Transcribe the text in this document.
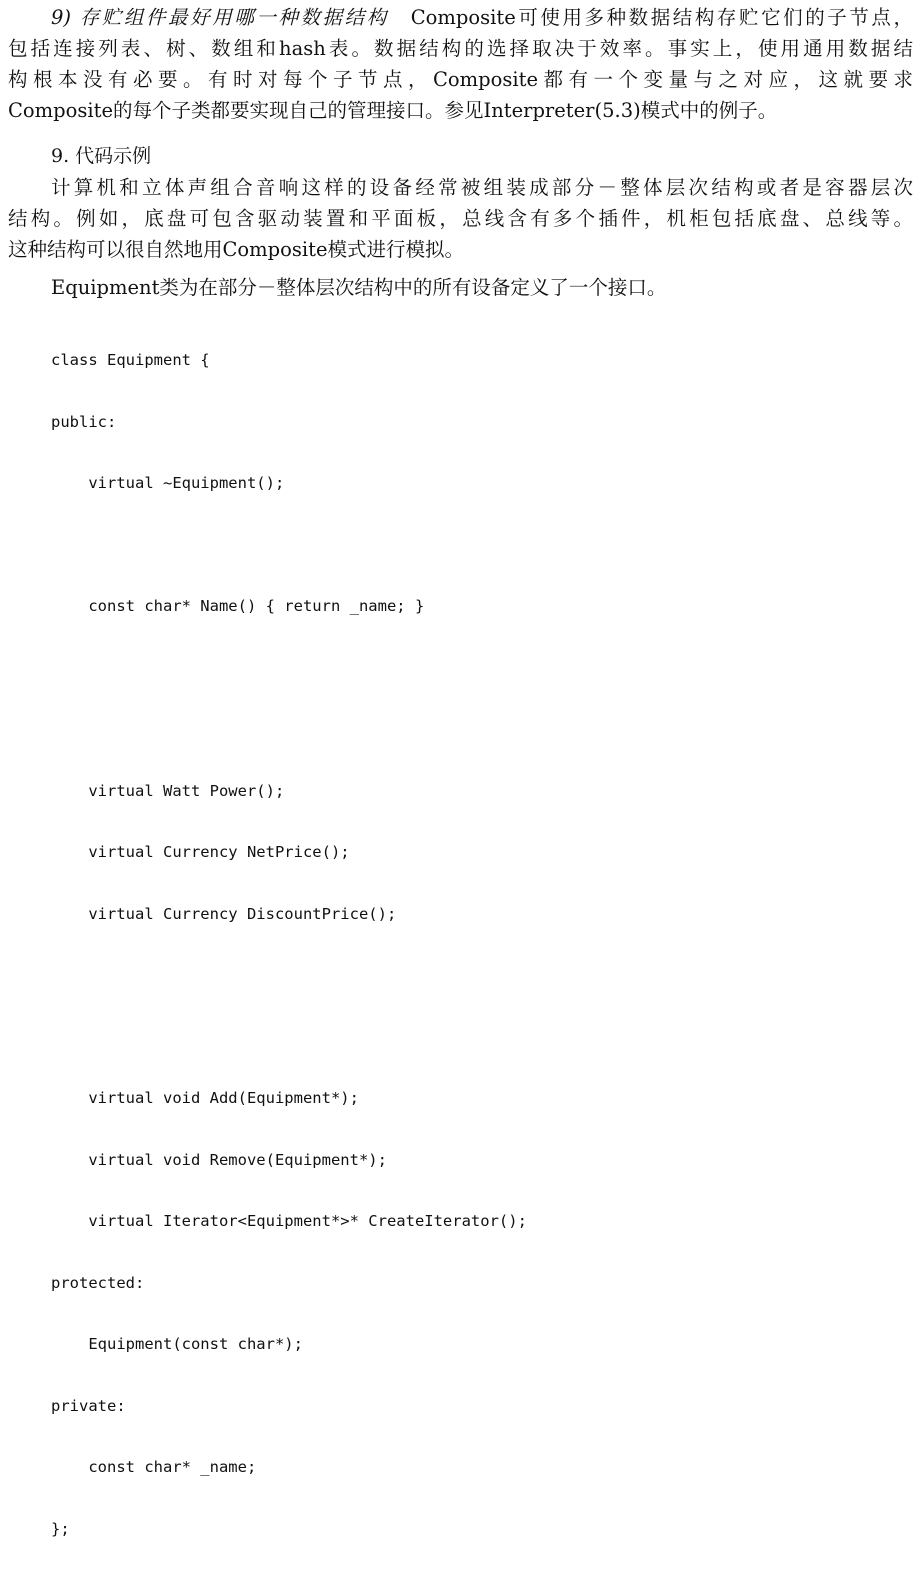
9) 存贮组件最好用哪一种数据结构 Composite可使用多种数据结构存贮它们的子节点，
包括连接列表、树、数组和hash表。数据结构的选择取决于效率。事实上，使用通用数据结
构根本没有必要。有时对每个子节点，Composite都有一个变量与之对应，这就要求
Composite的每个子类都要实现自己的管理接口。参见Interpreter(5.3)模式中的例子。
9. 代码示例
计算机和立体声组合音响这样的设备经常被组装成部分－整体层次结构或者是容器层次
结构。例如，底盘可包含驱动装置和平面板，总线含有多个插件，机柜包括底盘、总线等。
这种结构可以很自然地用Composite模式进行模拟。
Equipment类为在部分－整体层次结构中的所有设备定义了一个接口。

class Equipment {

public:

virtual ~Equipment();

const char* Name() { return _name; }

virtual Watt Power();

virtual Currency NetPrice();

virtual Currency DiscountPrice();

virtual void Add(Equipment*);

virtual void Remove(Equipment*);

virtual Iterator<Equipment*>* CreateIterator();

protected:

Equipment(const char*);

private:

const char* _name;

};
